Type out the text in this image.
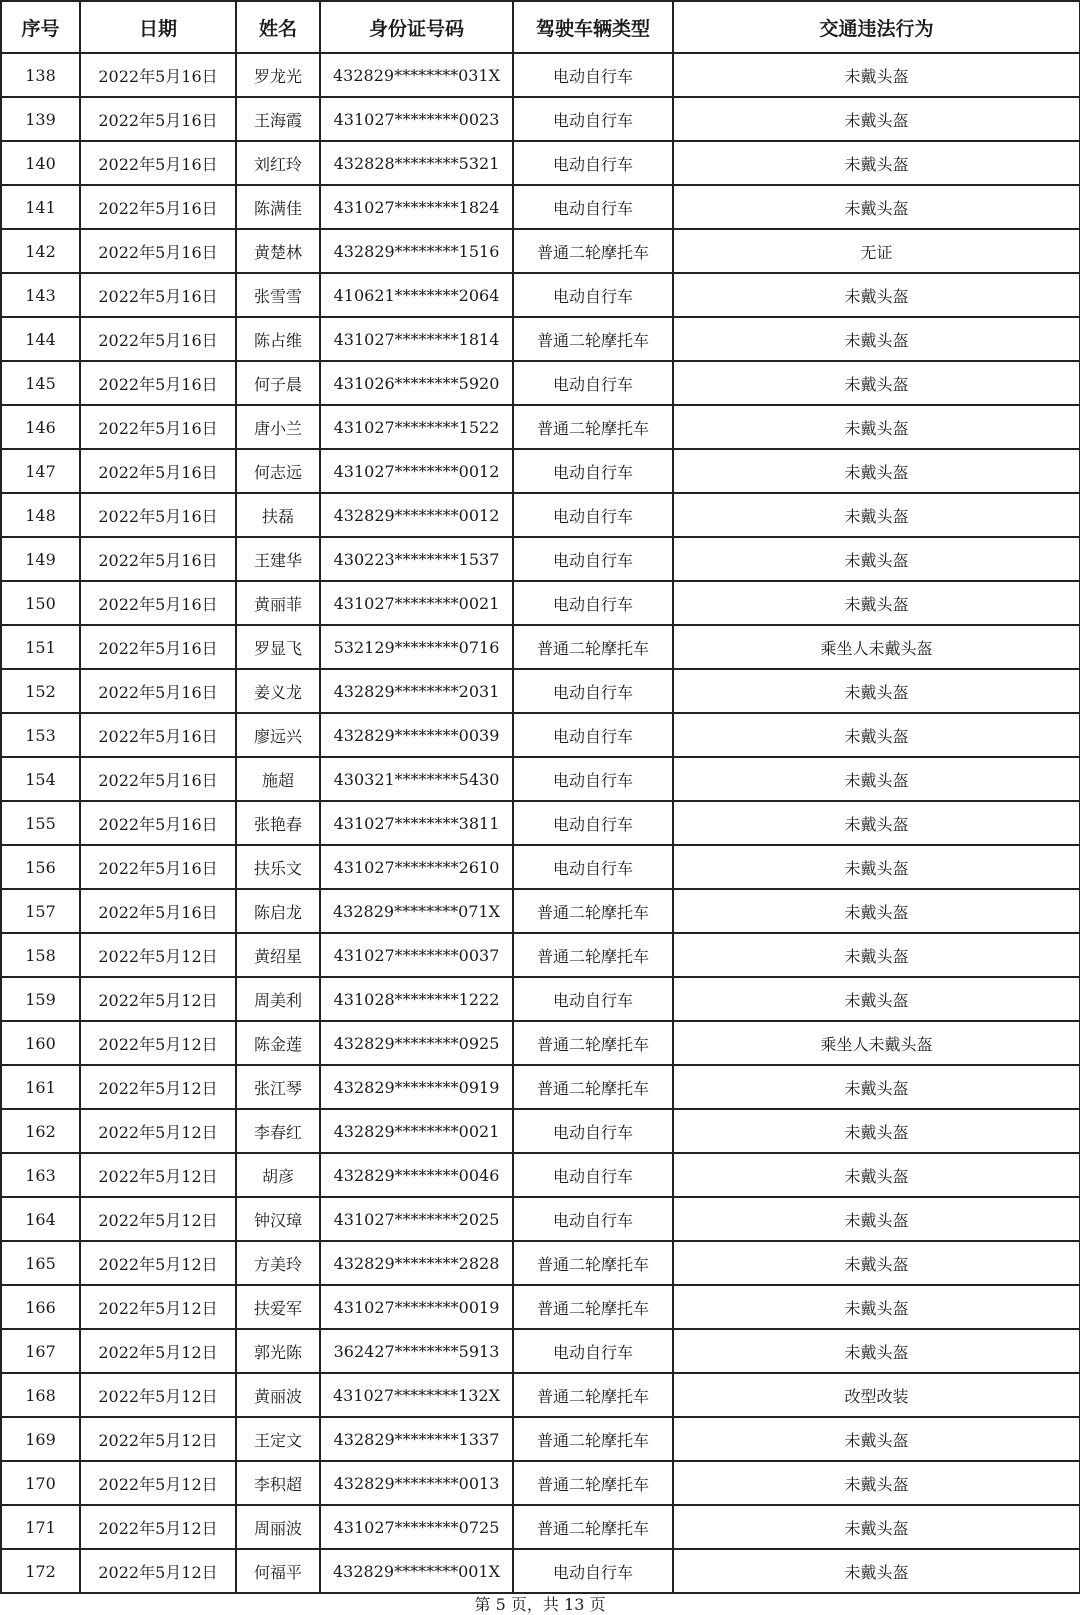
序号	日期	姓名	身份证号码	驾驶车辆类型	交通违法行为
138	2022年5月16日	罗龙光	432829********031X	电动自行车	未戴头盔
139	2022年5月16日	王海霞	431027********0023	电动自行车	未戴头盔
140	2022年5月16日	刘红玲	432828********5321	电动自行车	未戴头盔
141	2022年5月16日	陈满佳	431027********1824	电动自行车	未戴头盔
142	2022年5月16日	黄楚林	432829********1516	普通二轮摩托车	无证
143	2022年5月16日	张雪雪	410621********2064	电动自行车	未戴头盔
144	2022年5月16日	陈占维	431027********1814	普通二轮摩托车	未戴头盔
145	2022年5月16日	何子晨	431026********5920	电动自行车	未戴头盔
146	2022年5月16日	唐小兰	431027********1522	普通二轮摩托车	未戴头盔
147	2022年5月16日	何志远	431027********0012	电动自行车	未戴头盔
148	2022年5月16日	扶磊	432829********0012	电动自行车	未戴头盔
149	2022年5月16日	王建华	430223********1537	电动自行车	未戴头盔
150	2022年5月16日	黄丽菲	431027********0021	电动自行车	未戴头盔
151	2022年5月16日	罗显飞	532129********0716	普通二轮摩托车	乘坐人未戴头盔
152	2022年5月16日	姜义龙	432829********2031	电动自行车	未戴头盔
153	2022年5月16日	廖远兴	432829********0039	电动自行车	未戴头盔
154	2022年5月16日	施超	430321********5430	电动自行车	未戴头盔
155	2022年5月16日	张艳春	431027********3811	电动自行车	未戴头盔
156	2022年5月16日	扶乐文	431027********2610	电动自行车	未戴头盔
157	2022年5月16日	陈启龙	432829********071X	普通二轮摩托车	未戴头盔
158	2022年5月12日	黄绍星	431027********0037	普通二轮摩托车	未戴头盔
159	2022年5月12日	周美利	431028********1222	电动自行车	未戴头盔
160	2022年5月12日	陈金莲	432829********0925	普通二轮摩托车	乘坐人未戴头盔
161	2022年5月12日	张江琴	432829********0919	普通二轮摩托车	未戴头盔
162	2022年5月12日	李春红	432829********0021	电动自行车	未戴头盔
163	2022年5月12日	胡彦	432829********0046	电动自行车	未戴头盔
164	2022年5月12日	钟汉璋	431027********2025	电动自行车	未戴头盔
165	2022年5月12日	方美玲	432829********2828	普通二轮摩托车	未戴头盔
166	2022年5月12日	扶爱军	431027********0019	普通二轮摩托车	未戴头盔
167	2022年5月12日	郭光陈	362427********5913	电动自行车	未戴头盔
168	2022年5月12日	黄丽波	431027********132X	普通二轮摩托车	改型改装
169	2022年5月12日	王定文	432829********1337	普通二轮摩托车	未戴头盔
170	2022年5月12日	李积超	432829********0013	普通二轮摩托车	未戴头盔
171	2022年5月12日	周丽波	431027********0725	普通二轮摩托车	未戴头盔
172	2022年5月12日	何福平	432829********001X	电动自行车	未戴头盔
第 5 页，共 13 页
